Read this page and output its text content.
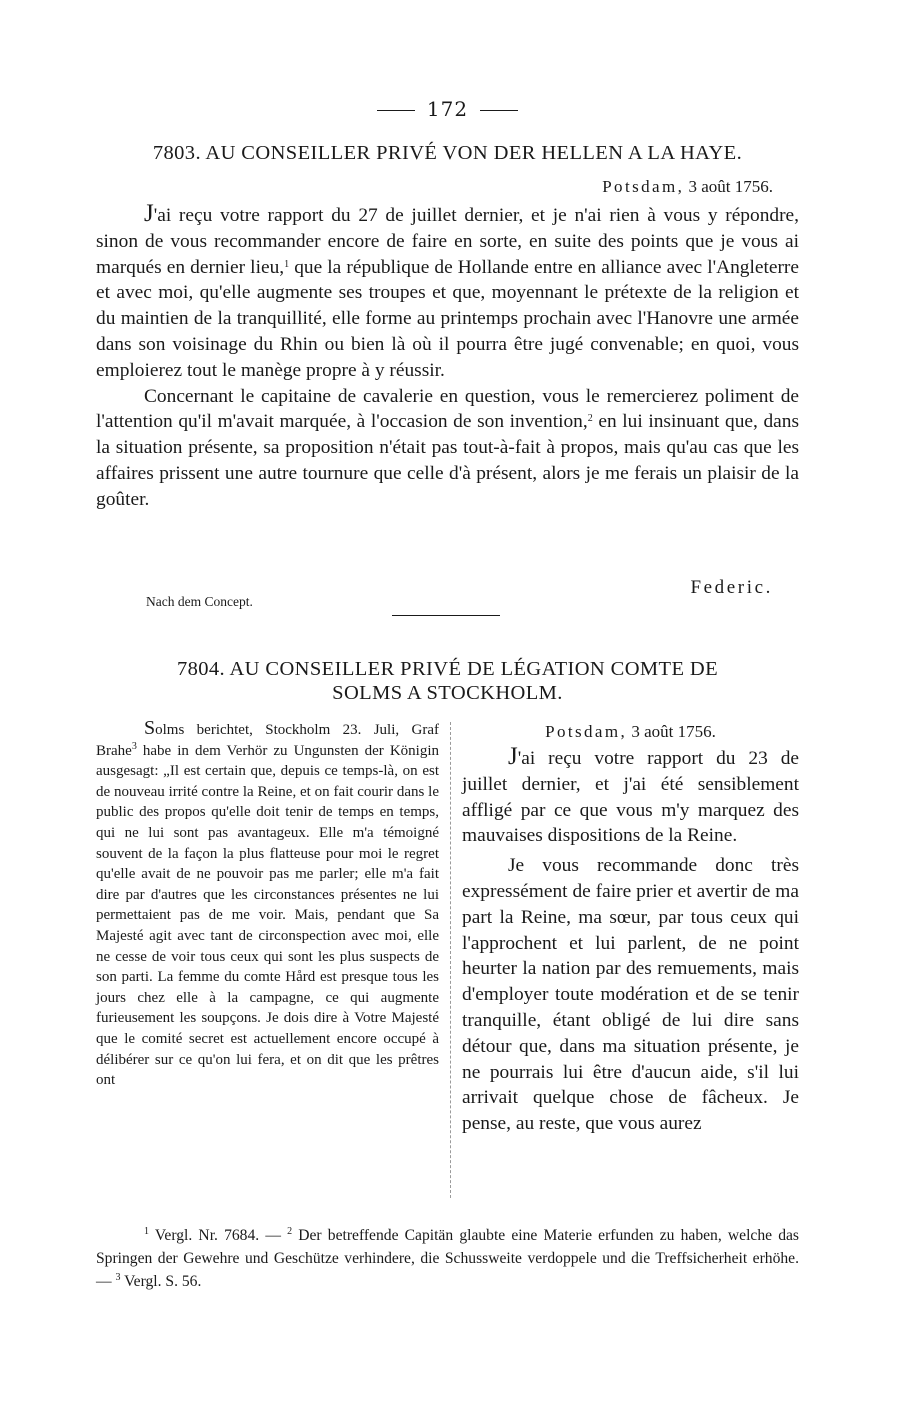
172
7803. AU CONSEILLER PRIVÉ VON DER HELLEN A LA HAYE.
Potsdam, 3 août 1756.

J'ai reçu votre rapport du 27 de juillet dernier, et je n'ai rien à vous y répondre, sinon de vous recommander encore de faire en sorte, en suite des points que je vous ai marqués en dernier lieu,$^1$ que la république de Hollande entre en alliance avec l'Angleterre et avec moi, qu'elle augmente ses troupes et que, moyennant le prétexte de la religion et du maintien de la tranquillité, elle forme au printemps prochain avec l'Hanovre une armée dans son voisinage du Rhin ou bien là où il pourra être jugé convenable; en quoi, vous emploierez tout le manège propre à y réussir.

Concernant le capitaine de cavalerie en question, vous le remercierez poliment de l'attention qu'il m'avait marquée, à l'occasion de son invention,$^2$ en lui insinuant que, dans la situation présente, sa proposition n'était pas tout-à-fait à propos, mais qu'au cas que les affaires prissent une autre tournure que celle d'à présent, alors je me ferais un plaisir de la goûter.

Federic.
Nach dem Concept.
7804. AU CONSEILLER PRIVÉ DE LÉGATION COMTE DE
SOLMS A STOCKHOLM.

Solms berichtet, Stockholm 23. Juli, Graf Brahe$^3$ habe in dem Verhör zu Ungunsten der Königin ausgesagt: „Il est certain que, depuis ce temps-là, on est de nouveau irrité contre la Reine, et on fait courir dans le public des propos qu'elle doit tenir de temps en temps, qui ne lui sont pas avantageux. Elle m'a témoigné souvent de la façon la plus flatteuse pour moi le regret qu'elle avait de ne pouvoir pas me parler; elle m'a fait dire par d'autres que les circonstances présentes ne lui permettaient pas de me voir. Mais, pendant que Sa Majesté agit avec tant de circonspection avec moi, elle ne cesse de voir tous ceux qui sont les plus suspects de son parti. La femme du comte Hård est presque tous les jours chez elle à la campagne, ce qui augmente furieusement les soupçons. Je dois dire à Votre Majesté que le comité secret est actuellement encore occupé à délibérer sur ce qu'on lui fera, et on dit que les prêtres ont

Potsdam, 3 août 1756.

J'ai reçu votre rapport du 23 de juillet dernier, et j'ai été sensiblement affligé par ce que vous m'y marquez des mauvaises dispositions de la Reine.

Je vous recommande donc très expressément de faire prier et avertir de ma part la Reine, ma sœur, par tous ceux qui l'approchent et lui parlent, de ne point heurter la nation par des remuements, mais d'employer toute modération et de se tenir tranquille, étant obligé de lui dire sans détour que, dans ma situation présente, je ne pourrais lui être d'aucun aide, s'il lui arrivait quelque chose de fâcheux. Je pense, au reste, que vous aurez

$^1$ Vergl. Nr. 7684. — $^2$ Der betreffende Capitän glaubte eine Materie erfunden zu haben, welche das Springen der Gewehre und Geschütze verhindere, die Schussweite verdoppele und die Treffsicherheit erhöhe. — $^3$ Vergl. S. 56.
